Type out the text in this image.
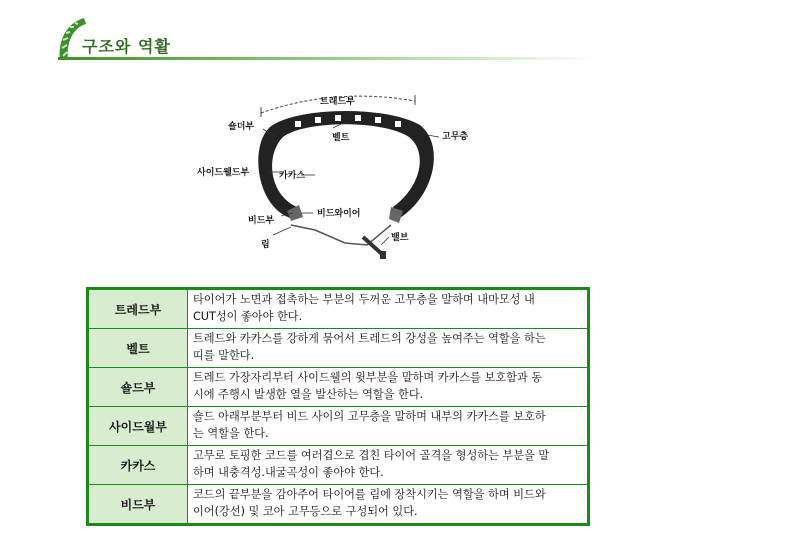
구조와 역활
트래드부
숄더부
벨트	고무층
사이드웰드부	카카스
비드부
비드와이어
림
밸브
트레드부	타이어가 노면과 접촉하는 부분의 두꺼운 고무층을 말하며 내마모성 내
CUT성이 좋아야 한다.

벨트	트레드와 카카스를 강하게 묶어서 트레드의 강성을 높여주는 역할을 하는
띠를 말한다.

숄드부	트레드 가장자리부터 사이드웰의 윗부분을 말하며 카카스를 보호함과 동
시에 주행시 발생한 열을 발산하는 역할을 한다.

사이드월부	숄드 아래부분부터 비드 사이의 고무층을 말하며 내부의 카카스를 보호하
는 역할을 한다.

카카스	고무로 토핑한 코드를 여러겹으로 겹친 타이어 골격을 형성하는 부분을 말
하며 내충격성.내굴곡성이 좋아야 한다.

비드부	코드의 끝부분을 감아주어 타이어를 림에 장착시키는 역할을 하며 비드와
이어(강선) 및 코아 고무등으로 구성되어 있다.
